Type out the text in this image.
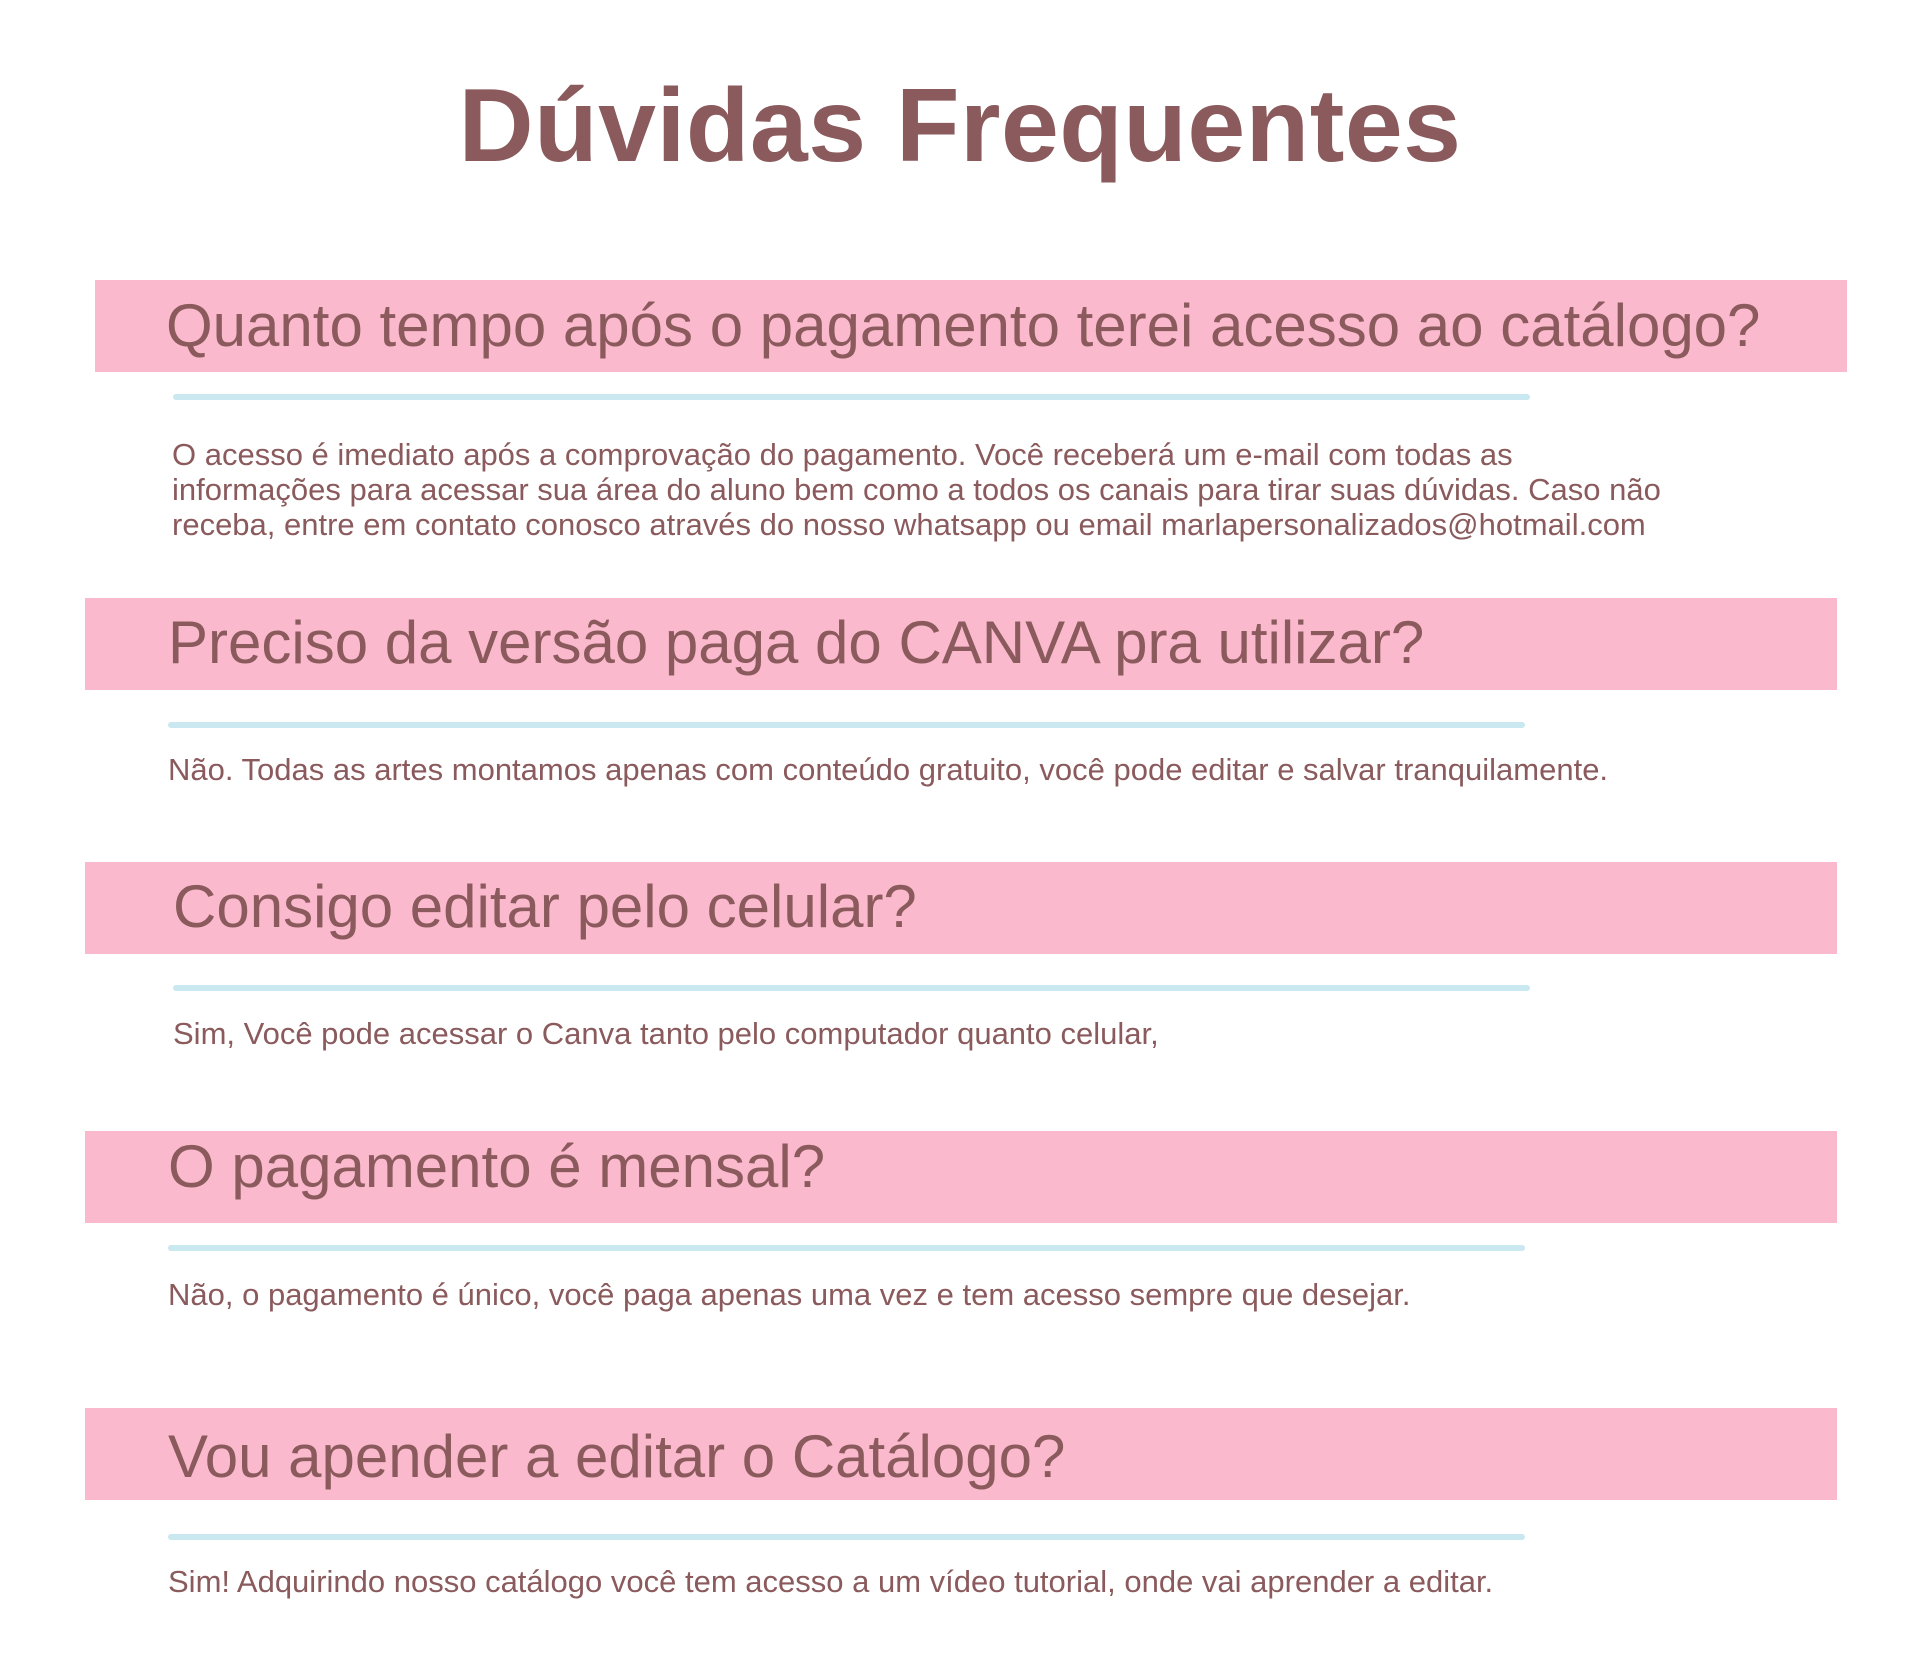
Dúvidas Frequentes
Quanto tempo após o pagamento terei acesso ao catálogo?

O acesso é imediato após a comprovação do pagamento. Você receberá um e-mail com todas as

informações para acessar sua área do aluno bem como a todos os canais para tirar suas dúvidas. Caso não

receba, entre em contato conosco através do nosso whatsapp ou email marlapersonalizados@hotmail.com

Preciso da versão paga do CANVA pra utilizar?

Não. Todas as artes montamos apenas com conteúdo gratuito, você pode editar e salvar tranquilamente.

Consigo editar pelo celular?

Sim, Você pode acessar o Canva tanto pelo computador quanto celular,

O pagamento é mensal?

Não, o pagamento é único, você paga apenas uma vez e tem acesso sempre que desejar.

Vou apender a editar o Catálogo?

Sim! Adquirindo nosso catálogo você tem acesso a um vídeo tutorial, onde vai aprender a editar.
